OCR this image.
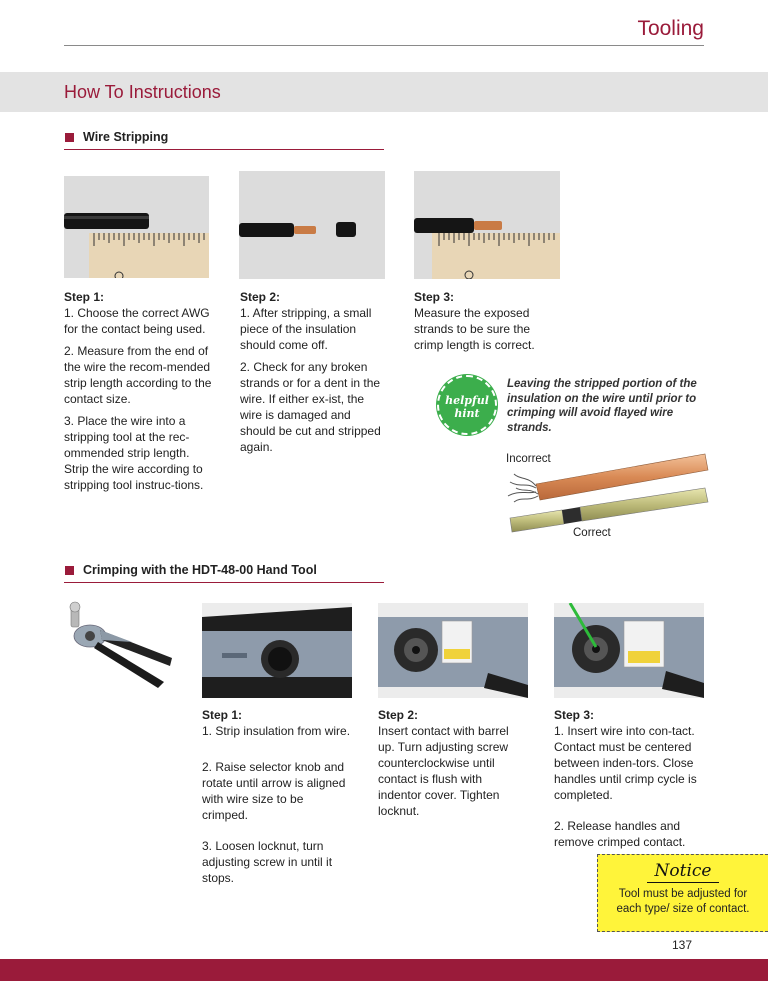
Tooling
How To Instructions
Wire Stripping
Step 1:

1. Choose the correct AWG for the contact being used.

2. Measure from the end of the wire the recom-mended strip length according to the contact size.

3. Place the wire into a stripping tool at the rec-ommended strip length. Strip the wire according to stripping tool instruc-tions.

Step 2:

1. After stripping, a small piece of the insulation should come off.

2. Check for any broken strands or for a dent in the wire. If either ex-ist, the wire is damaged and should be cut and stripped again.

Step 3:

Measure the exposed strands to be sure the crimp length is correct.

helpful
hint
Leaving the stripped portion of the insulation on the wire until prior to crimping will avoid flayed wire strands.
Incorrect
Correct
Crimping with the HDT-48-00 Hand Tool
Step 1:

1. Strip insulation from wire.

2. Raise selector knob and rotate until arrow is aligned with wire size to be crimped.

3. Loosen locknut, turn adjusting screw in until it stops.

Step 2:

Insert contact with barrel up. Turn adjusting screw counterclockwise until contact is flush with indentor cover. Tighten locknut.

Step 3:

1. Insert wire into con-tact. Contact must be centered between inden-tors. Close handles until crimp cycle is completed.

2. Release handles and remove crimped contact.

Notice
Tool must be adjusted for each type/ size of contact.
137
